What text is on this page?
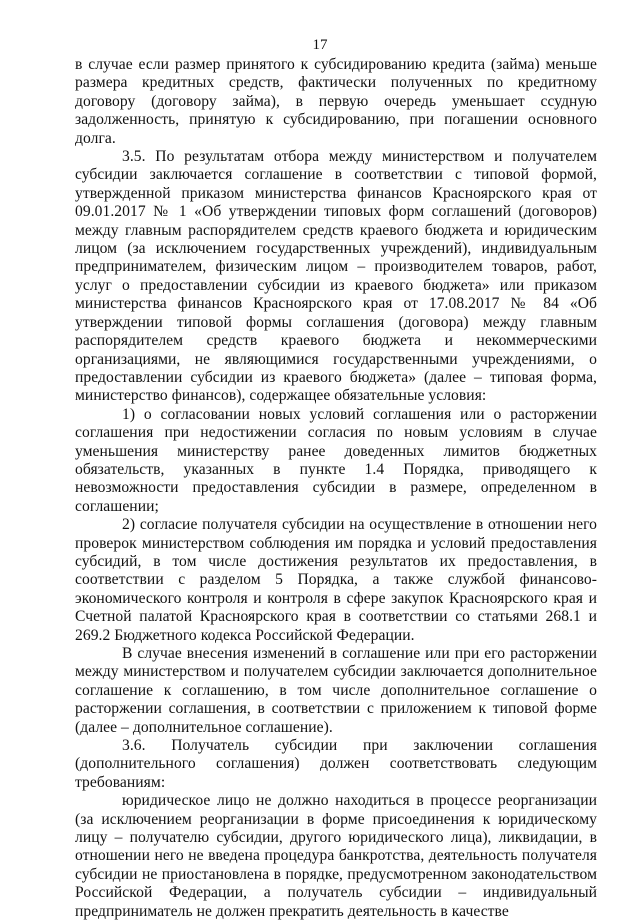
17

в случае если размер принятого к субсидированию кредита (займа) меньше размера кредитных средств, фактически полученных по кредитному договору (договору займа), в первую очередь уменьшает ссудную задолженность, принятую к субсидированию, при погашении основного долга.

3.5. По результатам отбора между министерством и получателем субсидии заключается соглашение в соответствии с типовой формой, утвержденной приказом министерства финансов Красноярского края от 09.01.2017 № 1 «Об утверждении типовых форм соглашений (договоров) между главным распорядителем средств краевого бюджета и юридическим лицом (за исключением государственных учреждений), индивидуальным предпринимателем, физическим лицом – производителем товаров, работ, услуг о предоставлении субсидии из краевого бюджета» или приказом министерства финансов Красноярского края от 17.08.2017 № 84 «Об утверждении типовой формы соглашения (договора) между главным распорядителем средств краевого бюджета и некоммерческими организациями, не являющимися государственными учреждениями, о предоставлении субсидии из краевого бюджета» (далее – типовая форма, министерство финансов), содержащее обязательные условия:

1) о согласовании новых условий соглашения или о расторжении соглашения при недостижении согласия по новым условиям в случае уменьшения министерству ранее доведенных лимитов бюджетных обязательств, указанных в пункте 1.4 Порядка, приводящего к невозможности предоставления субсидии в размере, определенном в соглашении;

2) согласие получателя субсидии на осуществление в отношении него проверок министерством соблюдения им порядка и условий предоставления субсидий, в том числе достижения результатов их предоставления, в соответствии с разделом 5 Порядка, а также службой финансово-экономического контроля и контроля в сфере закупок Красноярского края и Счетной палатой Красноярского края в соответствии со статьями 268.1 и 269.2 Бюджетного кодекса Российской Федерации.

В случае внесения изменений в соглашение или при его расторжении между министерством и получателем субсидии заключается дополнительное соглашение к соглашению, в том числе дополнительное соглашение о расторжении соглашения, в соответствии с приложением к типовой форме (далее – дополнительное соглашение).

3.6. Получатель субсидии при заключении соглашения (дополнительного соглашения) должен соответствовать следующим требованиям:

юридическое лицо не должно находиться в процессе реорганизации (за исключением реорганизации в форме присоединения к юридическому лицу – получателю субсидии, другого юридического лица), ликвидации, в отношении него не введена процедура банкротства, деятельность получателя субсидии не приостановлена в порядке, предусмотренном законодательством Российской Федерации, а получатель субсидии – индивидуальный предприниматель не должен прекратить деятельность в качестве
